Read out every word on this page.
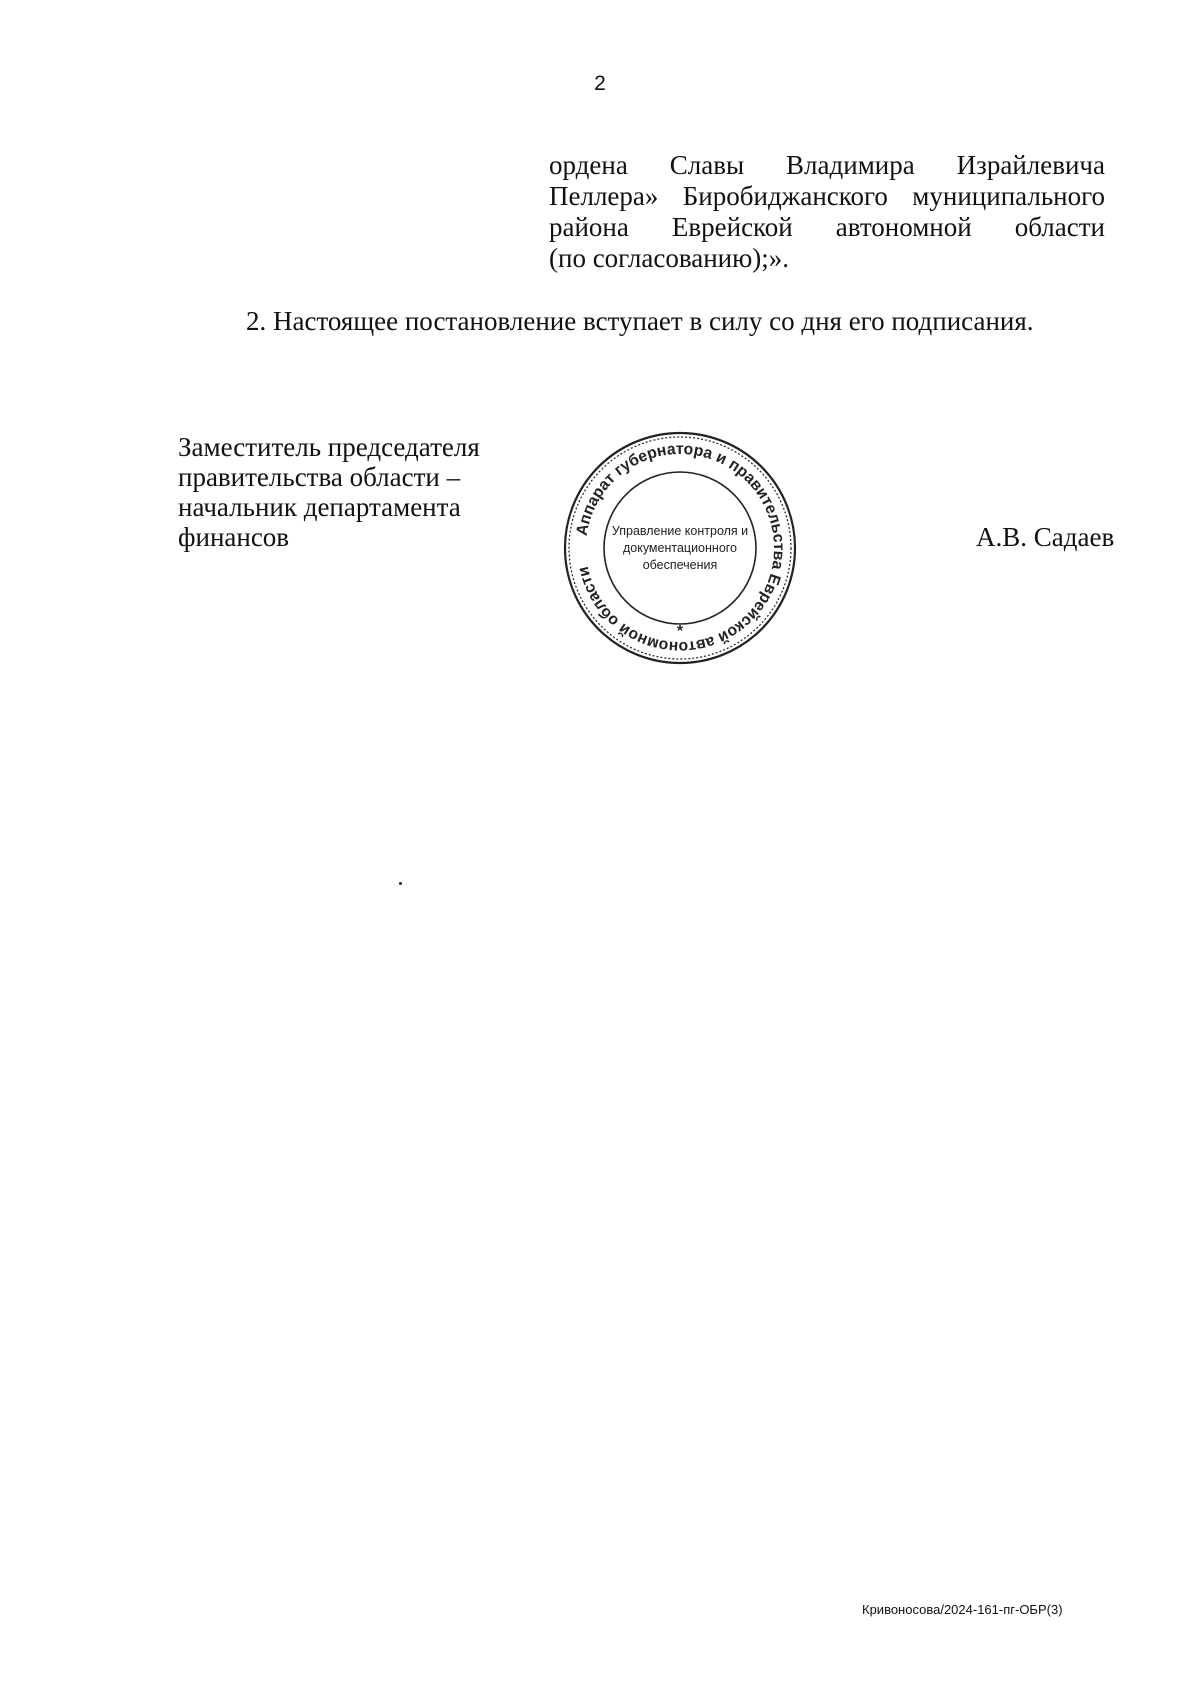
2
ордена Славы Владимира Израйлевича
Пеллера» Биробиджанского муниципального
района Еврейской автономной области
(по согласованию);».
2. Настоящее постановление вступает в силу со дня его подписания.
Заместитель председателя
правительства области –
начальник департамента
финансов	Аппарат губернатора и правительства Еврейской автономной области
Управление контроля и
документационного
обеспечения
*
А.В. Садаев
Кривоносова/2024-161-пг-ОБР(3)
